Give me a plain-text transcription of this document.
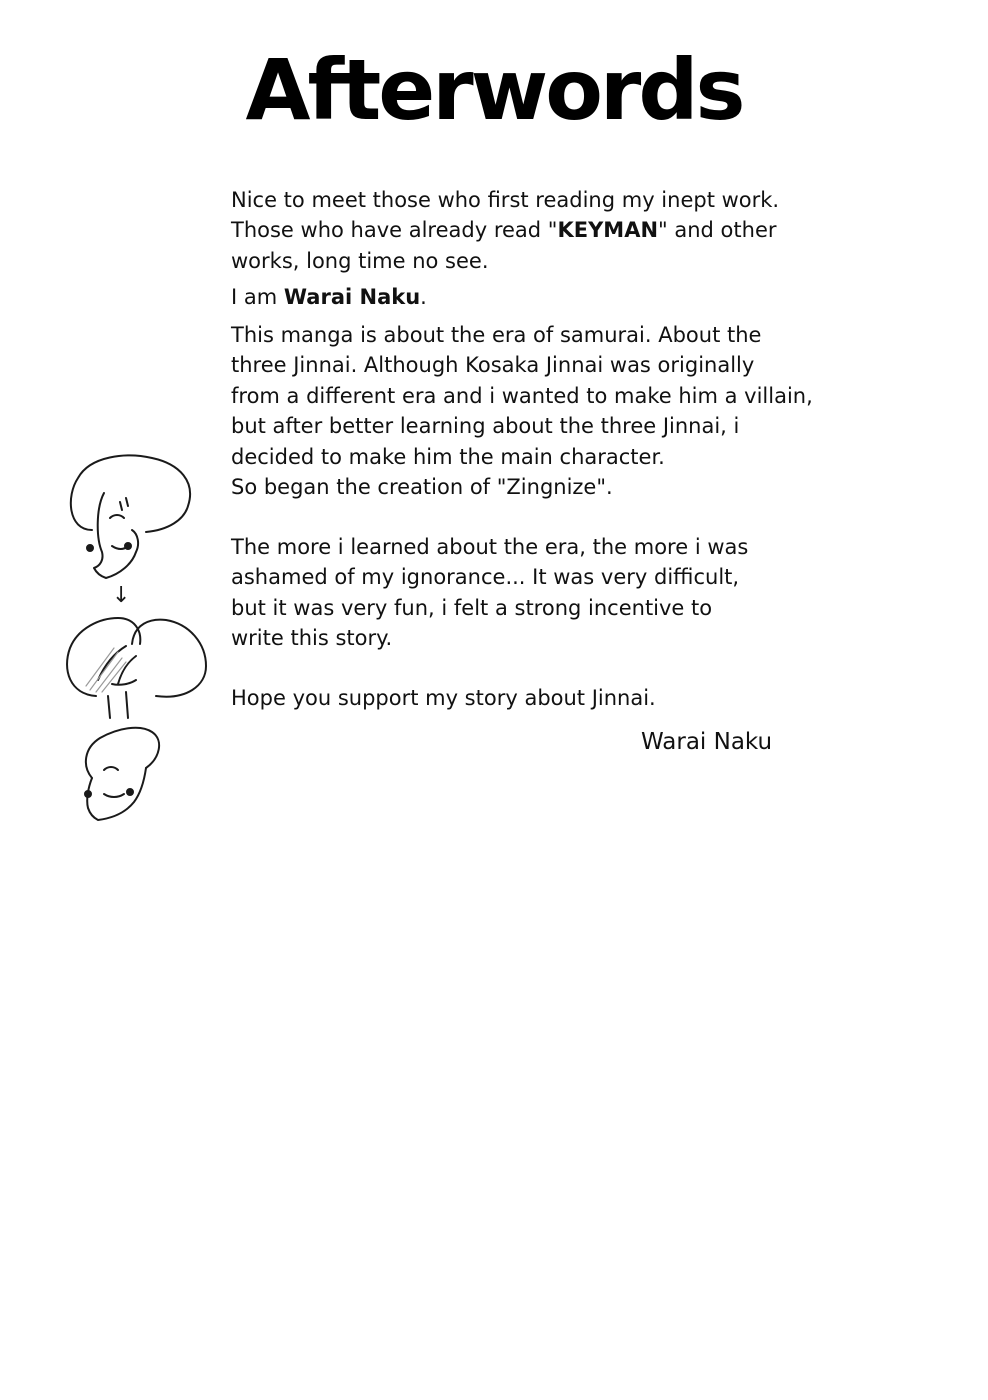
Afterwords
Nice to meet those who first reading my inept work.
Those who have already read "KEYMAN" and other
works, long time no see.
I am Warai Naku.
This manga is about the era of samurai. About the
three Jinnai. Although Kosaka Jinnai was originally
from a different era and i wanted to make him a villain,
but after better learning about the three Jinnai, i
decided to make him the main character.
So began the creation of "Zingnize".
The more i learned about the era, the more i was
ashamed of my ignorance... It was very difficult,
but it was very fun, i felt a strong incentive to
write this story.
Hope you support my story about Jinnai.
Warai Naku
↓
